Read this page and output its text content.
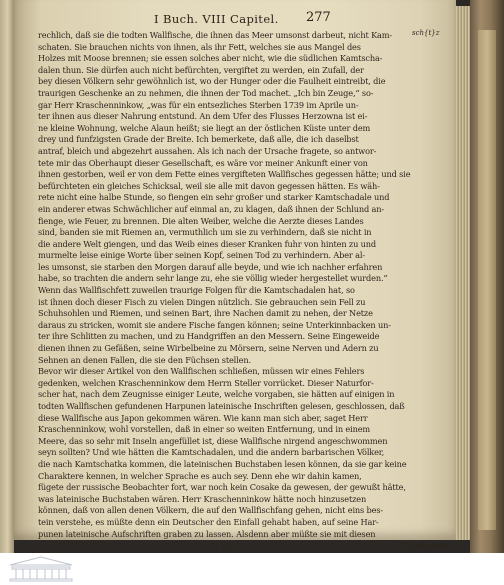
I Buch. VIII Capitel. 277
rechlich, daß sie die todten Wallfische, die ihnen das Meer umsonst darbeut, nicht Kam-
schaten. Sie brauchen nichts von ihnen, als ihr Fett, welches sie aus Mangel des
Holzes mit Moose brennen; sie essen solches aber nicht, wie die südlichen Kamtscha-
dalen thun. Sie dürfen auch nicht befürchten, vergiftet zu werden, ein Zufall, der
bey diesen Völkern sehr gewöhnlich ist, wo der Hunger oder die Faulheit eintreibt, die
traurigen Geschenke an zu nehmen, die ihnen der Tod machet. „Ich bin Zeuge,“ so-
gar Herr Kraschenninkow, „was für ein entsezliches Sterben 1739 im Aprile un-
ter ihnen aus dieser Nahrung entstund. An dem Ufer des Flusses Herzowna ist ei-
ne kleine Wohnung, welche Alaun heißt; sie liegt an der östlichen Küste unter dem
drey und funfzigsten Grade der Breite. Ich bemerkete, daß alle, die ich daselbst
antraf, bleich und abgezehrt aussahen. Als ich nach der Ursache fragete, so antwor-
tete mir das Oberhaupt dieser Gesellschaft, es wäre vor meiner Ankunft einer von
ihnen gestorben, weil er von dem Fette eines vergifteten Wallfisches gegessen hätte; und sie
befürchteten ein gleiches Schicksal, weil sie alle mit davon gegessen hätten. Es wäh-
rete nicht eine halbe Stunde, so fiengen ein sehr großer und starker Kamtschadale und
ein anderer etwas Schwächlicher auf einmal an, zu klagen, daß ihnen der Schlund an-
fienge, wie Feuer, zu brennen. Die alten Weiber, welche die Aerzte dieses Landes
sind, banden sie mit Riemen an, vermuthlich um sie zu verhindern, daß sie nicht in
die andere Welt giengen, und das Weib eines dieser Kranken fuhr von hinten zu und
murmelte leise einige Worte über seinen Kopf, seinen Tod zu verhindern. Aber al-
les umsonst, sie starben den Morgen darauf alle beyde, und wie ich nachher erfahren
habe, so trachten die andern sehr lange zu, ehe sie völlig wieder hergestellet wurden.“
Wenn das Wallfischfett zuweilen traurige Folgen für die Kamtschadalen hat, so
ist ihnen doch dieser Fisch zu vielen Dingen nützlich. Sie gebrauchen sein Fell zu
Schuhsohlen und Riemen, und seinen Bart, ihre Nachen damit zu nehen, der Netze
daraus zu stricken, womit sie andere Fische fangen können; seine Unterkinnbacken un-
ter ihre Schlitten zu machen, und zu Handgriffen an den Messern. Seine Eingeweide
dienen ihnen zu Gefäßen, seine Wirbelbeine zu Mörsern, seine Nerven und Adern zu
Sehnen an denen Fallen, die sie den Füchsen stellen.
Bevor wir dieser Artikel von den Wallfischen schließen, müssen wir eines Fehlers
gedenken, welchen Kraschenninkow dem Herrn Steller vorrücket. Dieser Naturfor-
scher hat, nach dem Zeugnisse einiger Leute, welche vorgaben, sie hätten auf einigen in
todten Wallfischen gefundenen Harpunen lateinische Inschriften gelesen, geschlossen, daß
diese Wallfische aus Japon gekommen wären. Wie kann man sich aber, saget Herr
Kraschenninkow, wohl vorstellen, daß in einer so weiten Entfernung, und in einem
Meere, das so sehr mit Inseln angefüllet ist, diese Wallfische nirgend angeschwommen
seyn sollten? Und wie hätten die Kamtschadalen, und die andern barbarischen Völker,
die nach Kamtschatka kommen, die lateinischen Buchstaben lesen können, da sie gar keine
Charaktere kennen, in welcher Sprache es auch sey. Denn ehe wir dahin kamen,
fügete der russische Beobachter fort, war noch kein Cosake da gewesen, der gewußt hätte,
was lateinische Buchstaben wären. Herr Kraschenninkow hätte noch hinzusetzen
können, daß von allen denen Völkern, die auf den Wallfischfang gehen, nicht eins bes-
tein verstehe, es müßte denn ein Deutscher den Einfall gehabt haben, auf seine Har-
punen lateinische Aufschriften graben zu lassen. Alsdenn aber müßte sie mit diesen
M m 3	Harpunen
sch{t}z
